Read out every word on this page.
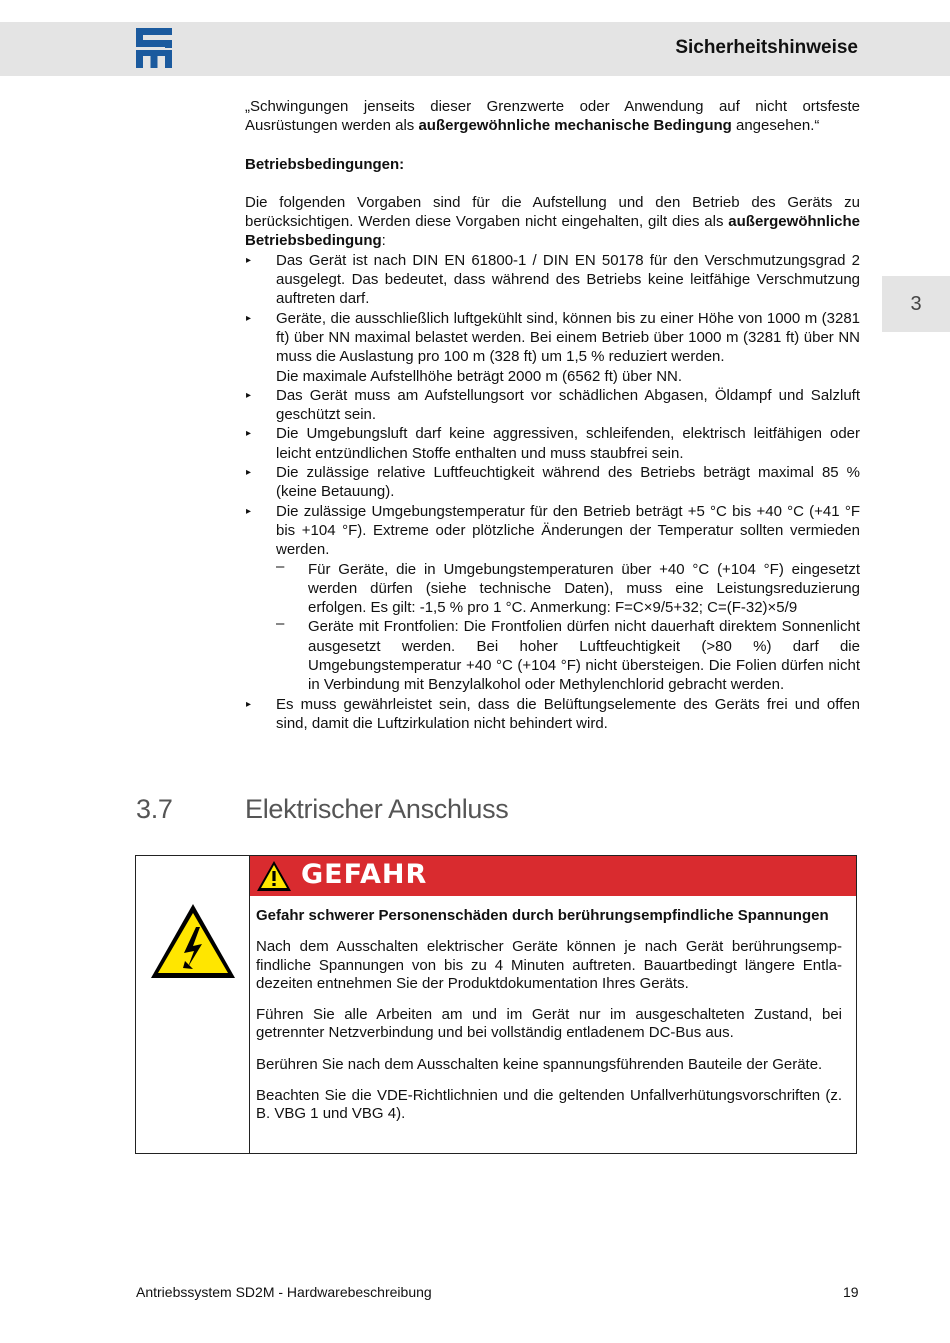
Sicherheitshinweise
3

„Schwingungen jenseits dieser Grenzwerte oder Anwendung auf nicht ortsfeste Ausrüstungen werden als außergewöhnliche mechanische Bedingung angesehen.“

Betriebsbedingungen:

Die folgenden Vorgaben sind für die Aufstellung und den Betrieb des Geräts zu berücksichtigen. Werden diese Vorgaben nicht eingehalten, gilt dies als außergewöhnliche Betriebsbedingung:

▸ Das Gerät ist nach DIN EN 61800-1 / DIN EN 50178 für den Verschmutzungsgrad 2 ausgelegt. Das bedeutet, dass während des Betriebs keine leitfähige Verschmutzung auftreten darf.
▸ Geräte, die ausschließlich luftgekühlt sind, können bis zu einer Höhe von 1000 m (3281 ft) über NN maximal belastet werden. Bei einem Betrieb über 1000 m (3281 ft) über NN muss die Auslastung pro 100 m (328 ft) um 1,5 % reduziert werden.
Die maximale Aufstellhöhe beträgt 2000 m (6562 ft) über NN.
▸ Das Gerät muss am Aufstellungsort vor schädlichen Abgasen, Öldampf und Salzluft geschützt sein.
▸ Die Umgebungsluft darf keine aggressiven, schleifenden, elektrisch leitfähigen oder leicht entzündlichen Stoffe enthalten und muss staubfrei sein.
▸ Die zulässige relative Luftfeuchtigkeit während des Betriebs beträgt maximal 85 % (keine Betauung).
▸ Die zulässige Umgebungstemperatur für den Betrieb beträgt +5 °C bis +40 °C (+41 °F bis +104 °F). Extreme oder plötzliche Änderungen der Temperatur sollten vermieden werden.
– Für Geräte, die in Umgebungstemperaturen über +40 °C (+104 °F) eingesetzt werden dürfen (siehe technische Daten), muss eine Leistungsreduzierung erfolgen. Es gilt: -1,5 % pro 1 °C. Anmerkung: F=C×9/5+32; C=(F-32)×5/9
– Geräte mit Frontfolien: Die Frontfolien dürfen nicht dauerhaft direktem Sonnenlicht ausgesetzt werden. Bei hoher Luftfeuchtigkeit (>80 %) darf die Umgebungstemperatur +40 °C (+104 °F) nicht übersteigen. Die Folien dürfen nicht in Verbindung mit Benzylalkohol oder Methylenchlorid gebracht werden.
▸ Es muss gewährleistet sein, dass die Belüftungselemente des Geräts frei und offen sind, damit die Luftzirkulation nicht behindert wird.
3.7	Elektrischer Anschluss
GEFAHR

Gefahr schwerer Personenschäden durch berührungsempfindliche Spannungen

Nach dem Ausschalten elektrischer Geräte können je nach Gerät berührungsempfindliche Spannungen von bis zu 4 Minuten auftreten. Bauartbedingt längere Entladezeiten entnehmen Sie der Produktdokumentation Ihres Geräts.

Führen Sie alle Arbeiten am und im Gerät nur im ausgeschalteten Zustand, bei getrennter Netzverbindung und bei vollständig entladenem DC-Bus aus.

Berühren Sie nach dem Ausschalten keine spannungsführenden Bauteile der Geräte.

Beachten Sie die VDE-Richtlichnien und die geltenden Unfallverhütungsvorschriften (z. B. VBG 1 und VBG 4).

Antriebssystem SD2M - Hardwarebeschreibung	19
